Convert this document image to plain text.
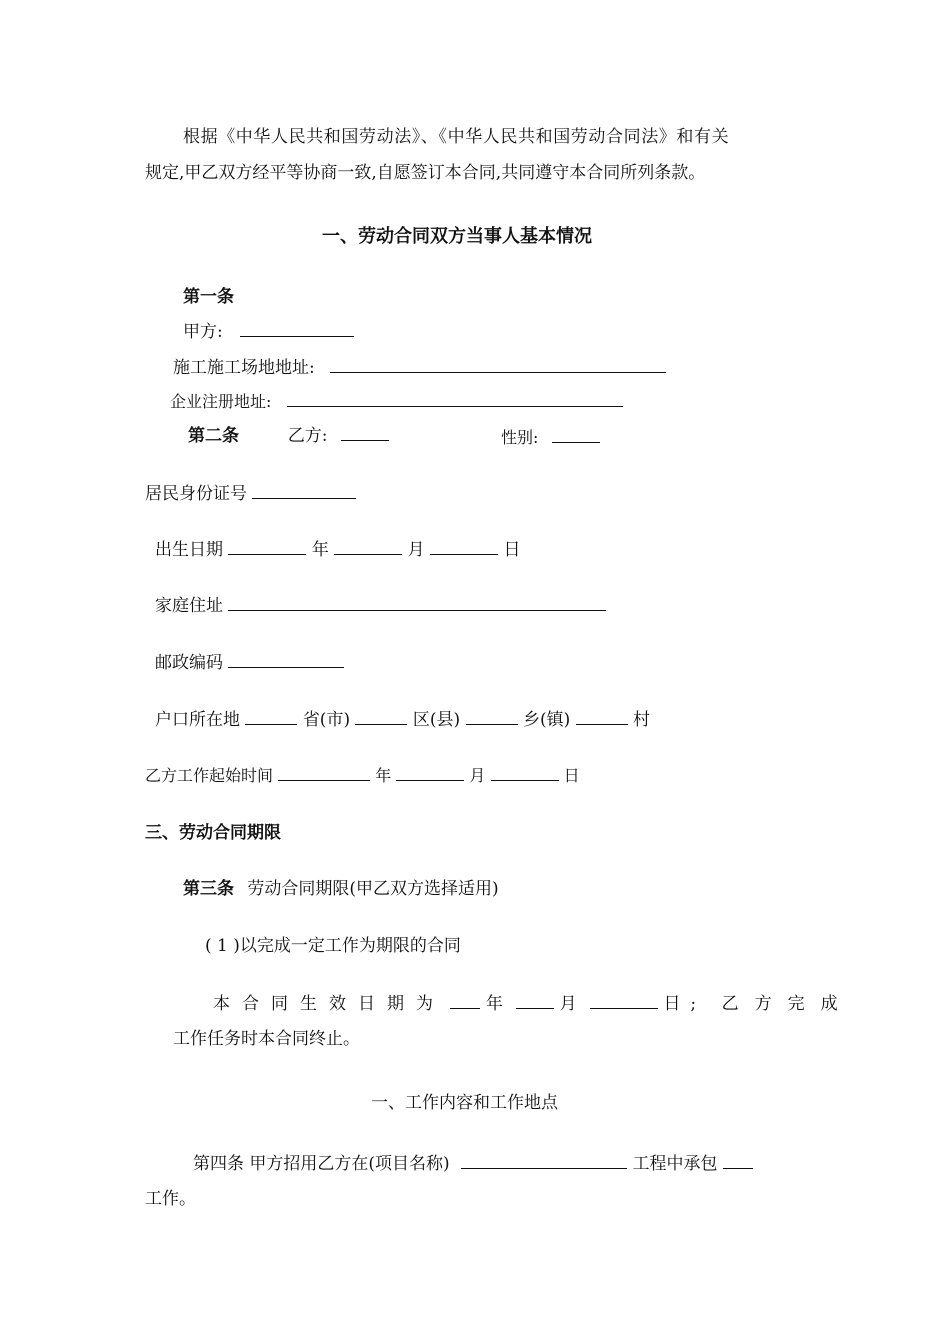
根据《中华人民共和国劳动法》、《中华人民共和国劳动合同法》和有关
规定,甲乙双方经平等协商一致,自愿签订本合同,共同遵守本合同所列条款。
一、劳动合同双方当事人基本情况
第一条
甲方:
施工施工场地地址:
企业注册地址:
第二条	乙方:	性别:
居民身份证号
出生日期	年	月	日
家庭住址
邮政编码
户口所在地	省(市)	区(县)	乡(镇)	村
乙方工作起始时间	年	月	日
三、劳动合同期限
第三条 劳动合同期限(甲乙双方选择适用)
( 1 )以完成一定工作为期限的合同
本合同生效日期为 年	月	日; 乙方完成
工作任务时本合同终止。
一、工作内容和工作地点
第四条 甲方招用乙方在(项目名称)	工程中承包
工作。
